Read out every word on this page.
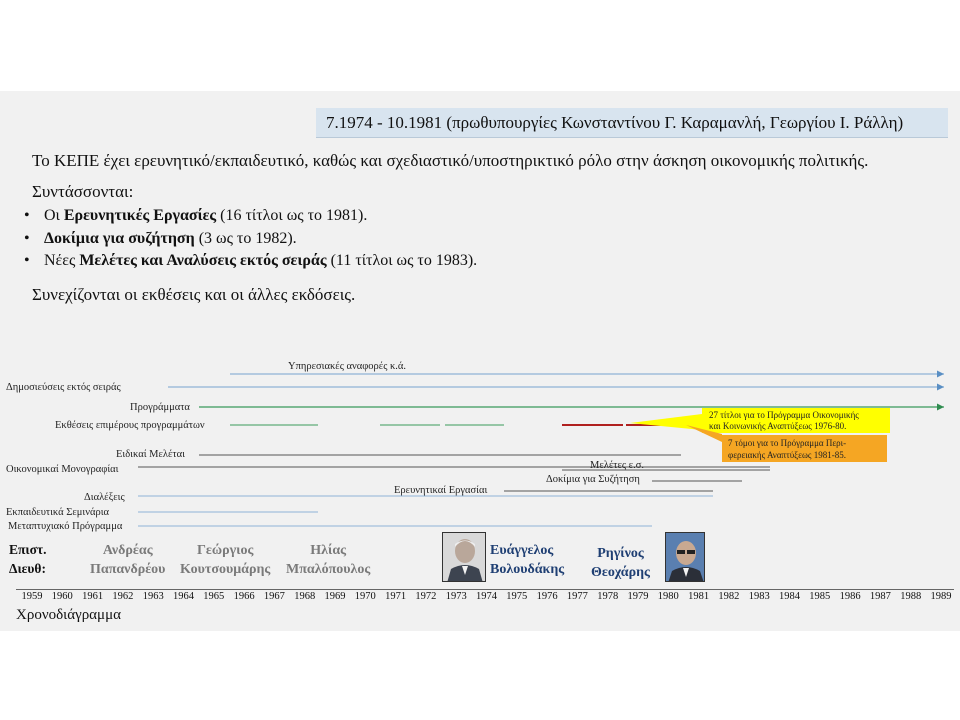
7.1974 - 10.1981 (πρωθυπουργίες Κωνσταντίνου Γ. Καραμανλή, Γεωργίου Ι. Ράλλη)
Το ΚΕΠΕ έχει ερευνητικό/εκπαιδευτικό, καθώς και σχεδιαστικό/υποστηρικτικό ρόλο στην άσκηση οικονομικής πολιτικής.
Συντάσσονται:
• Οι Ερευνητικές Εργασίες (16 τίτλοι ως το 1981).
• Δοκίμια για συζήτηση (3 ως το 1982).
• Νέες Μελέτες και Αναλύσεις εκτός σειράς (11 τίτλοι ως το 1983).
Συνεχίζονται οι εκθέσεις και οι άλλες εκδόσεις.
Υπηρεσιακές αναφορές κ.ά.
Δημοσιεύσεις εκτός σειράς
Προγράμματα
Εκθέσεις επιμέρους προγραμμάτων
27 τίτλοι για το Πρόγραμμα Οικονομικής
και Κοινωνικής Αναπτύξεως 1976-80.
7 τόμοι για το Πρόγραμμα Περι-
φερειακής Αναπτύξεως 1981-85.
Ειδικαί Μελέται
Οικονομικαί Μονογραφίαι	Μελέτες ε.σ.
Δοκίμια για Συζήτηση
Ερευνητικαί Εργασίαι
Διαλέξεις
Εκπαιδευτικά Σεμινάρια
Μεταπτυχιακό Πρόγραμμα
Επιστ.
Διευθ:
Ανδρέας
Παπανδρέου
Γεώργιος
Κουτσουμάρης
Ηλίας
Μπαλόπουλος
Ευάγγελος
Βολουδάκης
Ρηγίνος
Θεοχάρης
1959 1960 1961 1962 1963 1964 1965 1966 1967 1968 1969 1970 1971 1972 1973 1974 1975 1976 1977 1978 1979 1980 1981 1982 1983 1984 1985 1986 1987 1988 1989
Χρονοδιάγραμμα
